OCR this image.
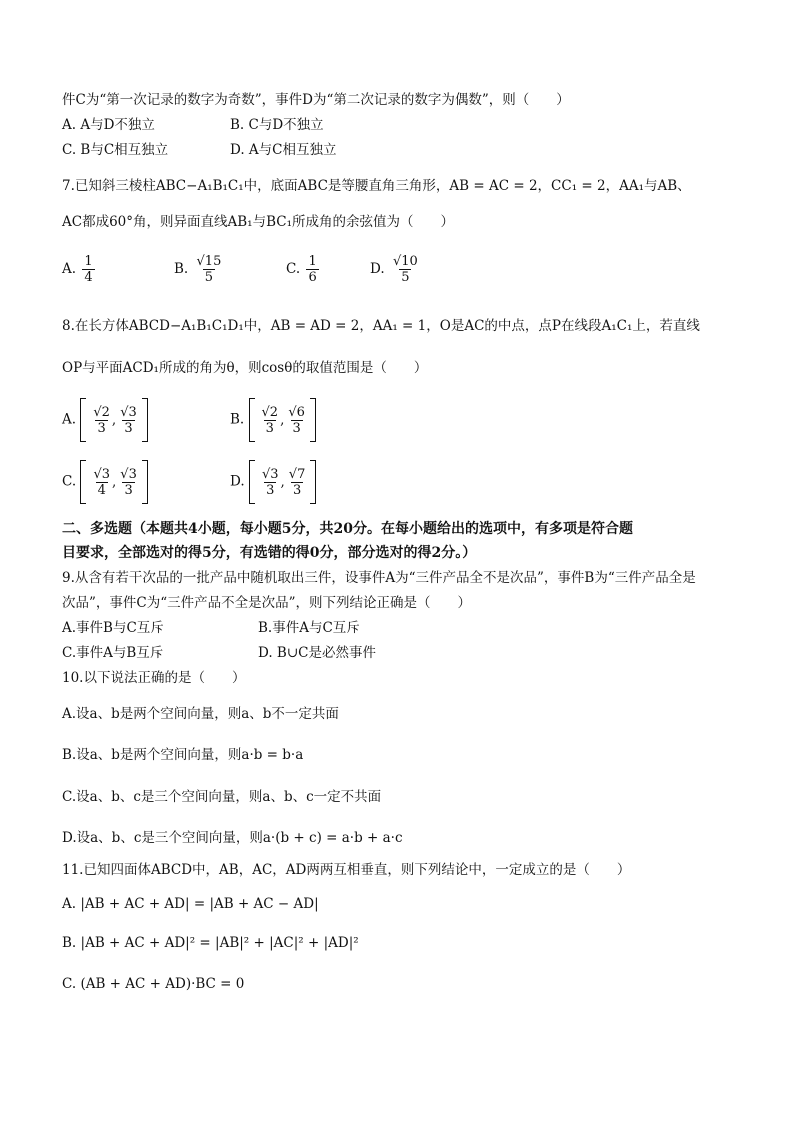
件C为“第一次记录的数字为奇数”，事件D为“第二次记录的数字为偶数”，则（　　）
A. A与D不独立	B. C与D不独立
C. B与C相互独立	D. A与C相互独立
7.已知斜三棱柱ABC−A₁B₁C₁中，底面ABC是等腰直角三角形，AB = AC = 2，CC₁ = 2，AA₁与AB、
AC都成60°角，则异面直线AB₁与BC₁所成角的余弦值为（　　）
A. $\frac{1}{4}$	B. $\frac{√15}{5}$	C. $\frac{1}{6}$	D. $\frac{√10}{5}$
8.在长方体ABCD−A₁B₁C₁D₁中，AB = AD = 2，AA₁ = 1，O是AC的中点，点P在线段A₁C₁上，若直线
OP与平面ACD₁所成的角为θ，则cosθ的取值范围是（　　）
A. $\frac{√2}{3}$ , $\frac{√3}{3}$	B. $\frac{√2}{3}$ , $\frac{√6}{3}$
C. $\frac{√3}{4}$ , $\frac{√3}{3}$	D. $\frac{√3}{3}$ , $\frac{√7}{3}$
二、多选题（本题共4小题，每小题5分，共20分。在每小题给出的选项中，有多项是符合题
目要求，全部选对的得5分，有选错的得0分，部分选对的得2分。）
9.从含有若干次品的一批产品中随机取出三件，设事件A为“三件产品全不是次品”，事件B为“三件产品全是
次品”，事件C为“三件产品不全是次品”，则下列结论正确是（　　）
A.事件B与C互斥	B.事件A与C互斥
C.事件A与B互斥	D. B∪C是必然事件
10.以下说法正确的是（　　）
A.设a、b是两个空间向量，则a、b不一定共面
B.设a、b是两个空间向量，则a·b = b·a
C.设a、b、c是三个空间向量，则a、b、c一定不共面
D.设a、b、c是三个空间向量，则a·(b + c) = a·b + a·c
11.已知四面体ABCD中，AB，AC，AD两两互相垂直，则下列结论中，一定成立的是（　　）
A. |AB + AC + AD| = |AB + AC − AD|
B. |AB + AC + AD|² = |AB|² + |AC|² + |AD|²
C. (AB + AC + AD)·BC = 0
